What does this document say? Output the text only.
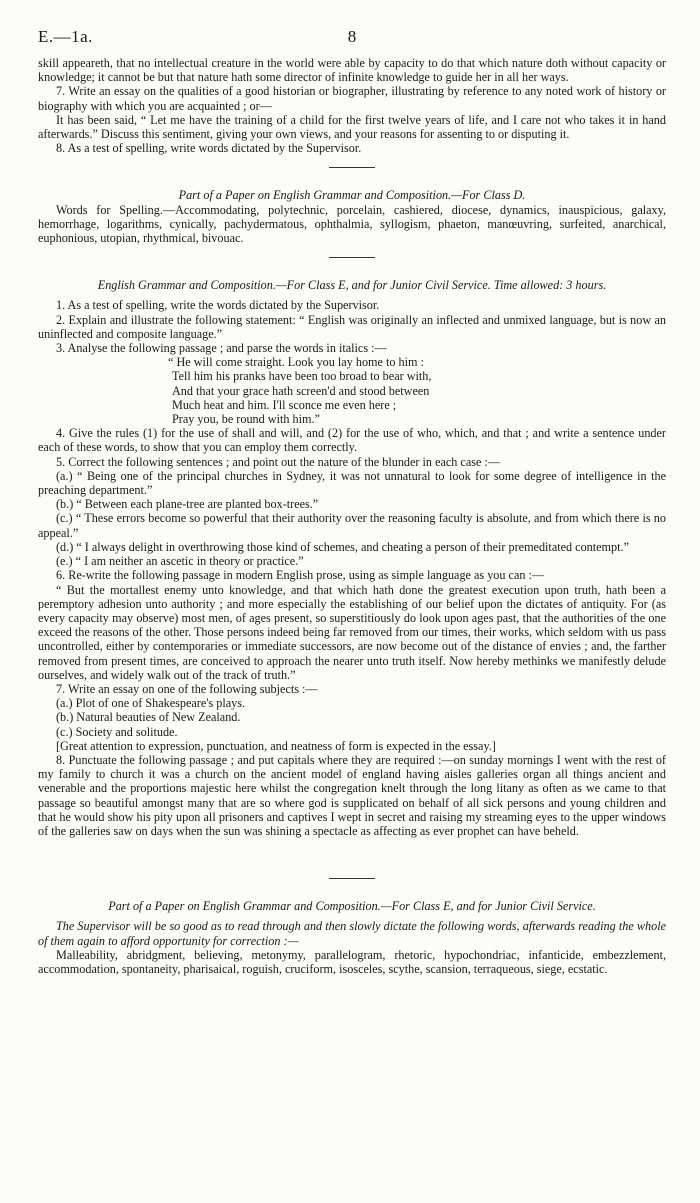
E.—1a.	8

skill appeareth, that no intellectual creature in the world were able by capacity to do that which nature doth without capacity or knowledge; it cannot be but that nature hath some director of infinite knowledge to guide her in all her ways.

7. Write an essay on the qualities of a good historian or biographer, illustrating by reference to any noted work of history or biography with which you are acquainted ; or—

It has been said, “ Let me have the training of a child for the first twelve years of life, and I care not who takes it in hand afterwards.” Discuss this sentiment, giving your own views, and your reasons for assenting to or disputing it.

8. As a test of spelling, write words dictated by the Supervisor.

Part of a Paper on English Grammar and Composition.—For Class D.

Words for Spelling.—Accommodating, polytechnic, porcelain, cashiered, diocese, dynamics, inauspicious, galaxy, hemorrhage, logarithms, cynically, pachydermatous, ophthalmia, syllogism, phaeton, manœuvring, surfeited, anarchical, euphonious, utopian, rhythmical, bivouac.

English Grammar and Composition.—For Class E, and for Junior Civil Service. Time allowed: 3 hours.

1. As a test of spelling, write the words dictated by the Supervisor.

2. Explain and illustrate the following statement: “ English was originally an inflected and unmixed language, but is now an uninflected and composite language.”

3. Analyse the following passage ; and parse the words in italics :—

“ He will come straight. Look you lay home to him :
Tell him his pranks have been too broad to bear with,
And that your grace hath screen'd and stood between
Much heat and him. I'll sconce me even here ;
Pray you, be round with him.”

4. Give the rules (1) for the use of shall and will, and (2) for the use of who, which, and that ; and write a sentence under each of these words, to show that you can employ them correctly.

5. Correct the following sentences ; and point out the nature of the blunder in each case :—

(a.) “ Being one of the principal churches in Sydney, it was not unnatural to look for some degree of intelligence in the preaching department.”

(b.) “ Between each plane-tree are planted box-trees.”

(c.) “ These errors become so powerful that their authority over the reasoning faculty is absolute, and from which there is no appeal.”

(d.) “ I always delight in overthrowing those kind of schemes, and cheating a person of their premeditated contempt.”

(e.) “ I am neither an ascetic in theory or practice.”

6. Re-write the following passage in modern English prose, using as simple language as you can :—

“ But the mortallest enemy unto knowledge, and that which hath done the greatest execution upon truth, hath been a peremptory adhesion unto authority ; and more especially the establishing of our belief upon the dictates of antiquity. For (as every capacity may observe) most men, of ages present, so superstitiously do look upon ages past, that the authorities of the one exceed the reasons of the other. Those persons indeed being far removed from our times, their works, which seldom with us pass uncontrolled, either by contemporaries or immediate successors, are now become out of the distance of envies ; and, the farther removed from present times, are conceived to approach the nearer unto truth itself. Now hereby methinks we manifestly delude ourselves, and widely walk out of the track of truth.”

7. Write an essay on one of the following subjects :—

(a.) Plot of one of Shakespeare's plays.

(b.) Natural beauties of New Zealand.

(c.) Society and solitude.

[Great attention to expression, punctuation, and neatness of form is expected in the essay.]

8. Punctuate the following passage ; and put capitals where they are required :—on sunday mornings I went with the rest of my family to church it was a church on the ancient model of england having aisles galleries organ all things ancient and venerable and the proportions majestic here whilst the congregation knelt through the long litany as often as we came to that passage so beautiful amongst many that are so where god is supplicated on behalf of all sick persons and young children and that he would show his pity upon all prisoners and captives I wept in secret and raising my streaming eyes to the upper windows of the galleries saw on days when the sun was shining a spectacle as affecting as ever prophet can have beheld.

Part of a Paper on English Grammar and Composition.—For Class E, and for Junior Civil Service.

The Supervisor will be so good as to read through and then slowly dictate the following words, afterwards reading the whole of them again to afford opportunity for correction :—

Malleability, abridgment, believing, metonymy, parallelogram, rhetoric, hypochondriac, infanticide, embezzlement, accommodation, spontaneity, pharisaical, roguish, cruciform, isosceles, scythe, scansion, terraqueous, siege, ecstatic.
